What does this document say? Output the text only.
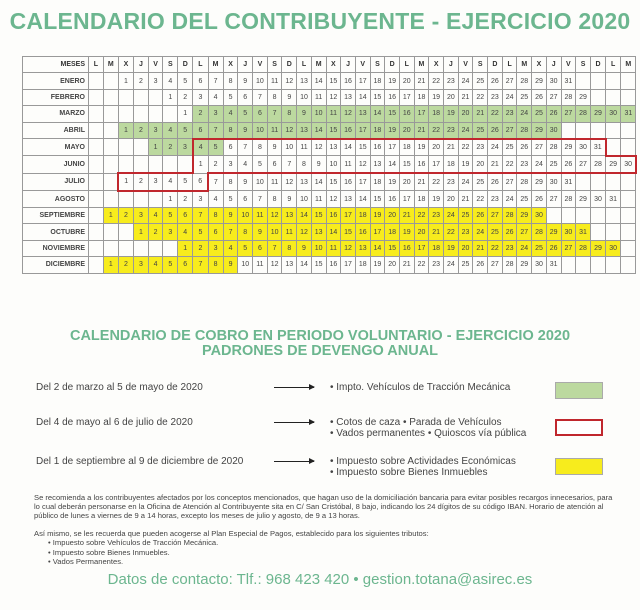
CALENDARIO DEL CONTRIBUYENTE - EJERCICIO 2020
MESES	L	M	X	J	V	S	D	L	M	X	J	V	S	D	L	M	X	J	V	S	D	L	M	X	J	V	S	D	L	M	X	J	V	S	D	L	M
ENERO			1	2	3	4	5	6	7	8	9	10	11	12	13	14	15	16	17	18	19	20	21	22	23	24	25	26	27	28	29	30	31				
FEBRERO						1	2	3	4	5	6	7	8	9	10	11	12	13	14	15	16	17	18	19	20	21	22	23	24	25	26	27	28	29			
MARZO							1	2	3	4	5	6	7	8	9	10	11	12	13	14	15	16	17	18	19	20	21	22	23	24	25	26	27	28	29	30	31
ABRIL			1	2	3	4	5	6	7	8	9	10	11	12	13	14	15	16	17	18	19	20	21	22	23	24	25	26	27	28	29	30					
MAYO					1	2	3	4	5	6	7	8	9	10	11	12	13	14	15	16	17	18	19	20	21	22	23	24	25	26	27	28	29	30	31		
JUNIO								1	2	3	4	5	6	7	8	9	10	11	12	13	14	15	16	17	18	19	20	21	22	23	24	25	26	27	28	29	30
JULIO			1	2	3	4	5	6	7	8	9	10	11	12	13	14	15	16	17	18	19	20	21	22	23	24	25	26	27	28	29	30	31				
AGOSTO						1	2	3	4	5	6	7	8	9	10	11	12	13	14	15	16	17	18	19	20	21	22	23	24	25	26	27	28	29	30	31	
SEPTIEMBRE		1	2	3	4	5	6	7	8	9	10	11	12	13	14	15	16	17	18	19	20	21	22	23	24	25	26	27	28	29	30						
OCTUBRE				1	2	3	4	5	6	7	8	9	10	11	12	13	14	15	16	17	18	19	20	21	22	23	24	25	26	27	28	29	30	31			
NOVIEMBRE							1	2	3	4	5	6	7	8	9	10	11	12	13	14	15	16	17	18	19	20	21	22	23	24	25	26	27	28	29	30	
DICIEMBRE		1	2	3	4	5	6	7	8	9	10	11	12	13	14	15	16	17	18	19	20	21	22	23	24	25	26	27	28	29	30	31					
CALENDARIO DE COBRO EN PERIODO VOLUNTARIO - EJERCICIO 2020
PADRONES DE DEVENGO ANUAL
Del 2 de marzo al 5 de mayo de 2020	• Impto. Vehículos de Tracción Mecánica
Del 4 de mayo al 6 de julio de 2020	• Cotos de caza • Parada de Vehículos
• Vados permanentes • Quioscos vía pública
Del 1 de septiembre al 9 de diciembre de 2020	• Impuesto sobre Actividades Económicas
• Impuesto sobre Bienes Inmuebles
Se recomienda a los contribuyentes afectados por los conceptos mencionados, que hagan uso de la domiciliación bancaria para evitar posibles recargos innecesarios, para lo cual deberán personarse en la Oficina de Atención al Contribuyente sita en C/ San Cristóbal, 8 bajo, indicando los 24 dígitos de su código IBAN. Horario de atención al público de lunes a viernes de 9 a 14 horas, excepto los meses de julio y agosto, de 9 a 13 horas.
Así mismo, se les recuerda que pueden acogerse al Plan Especial de Pagos, establecido para los siguientes tributos:
• Impuesto sobre Vehículos de Tracción Mecánica.
• Impuesto sobre Bienes Inmuebles.
• Vados Permanentes.
Datos de contacto: Tlf.: 968 423 420 • gestion.totana@asirec.es
